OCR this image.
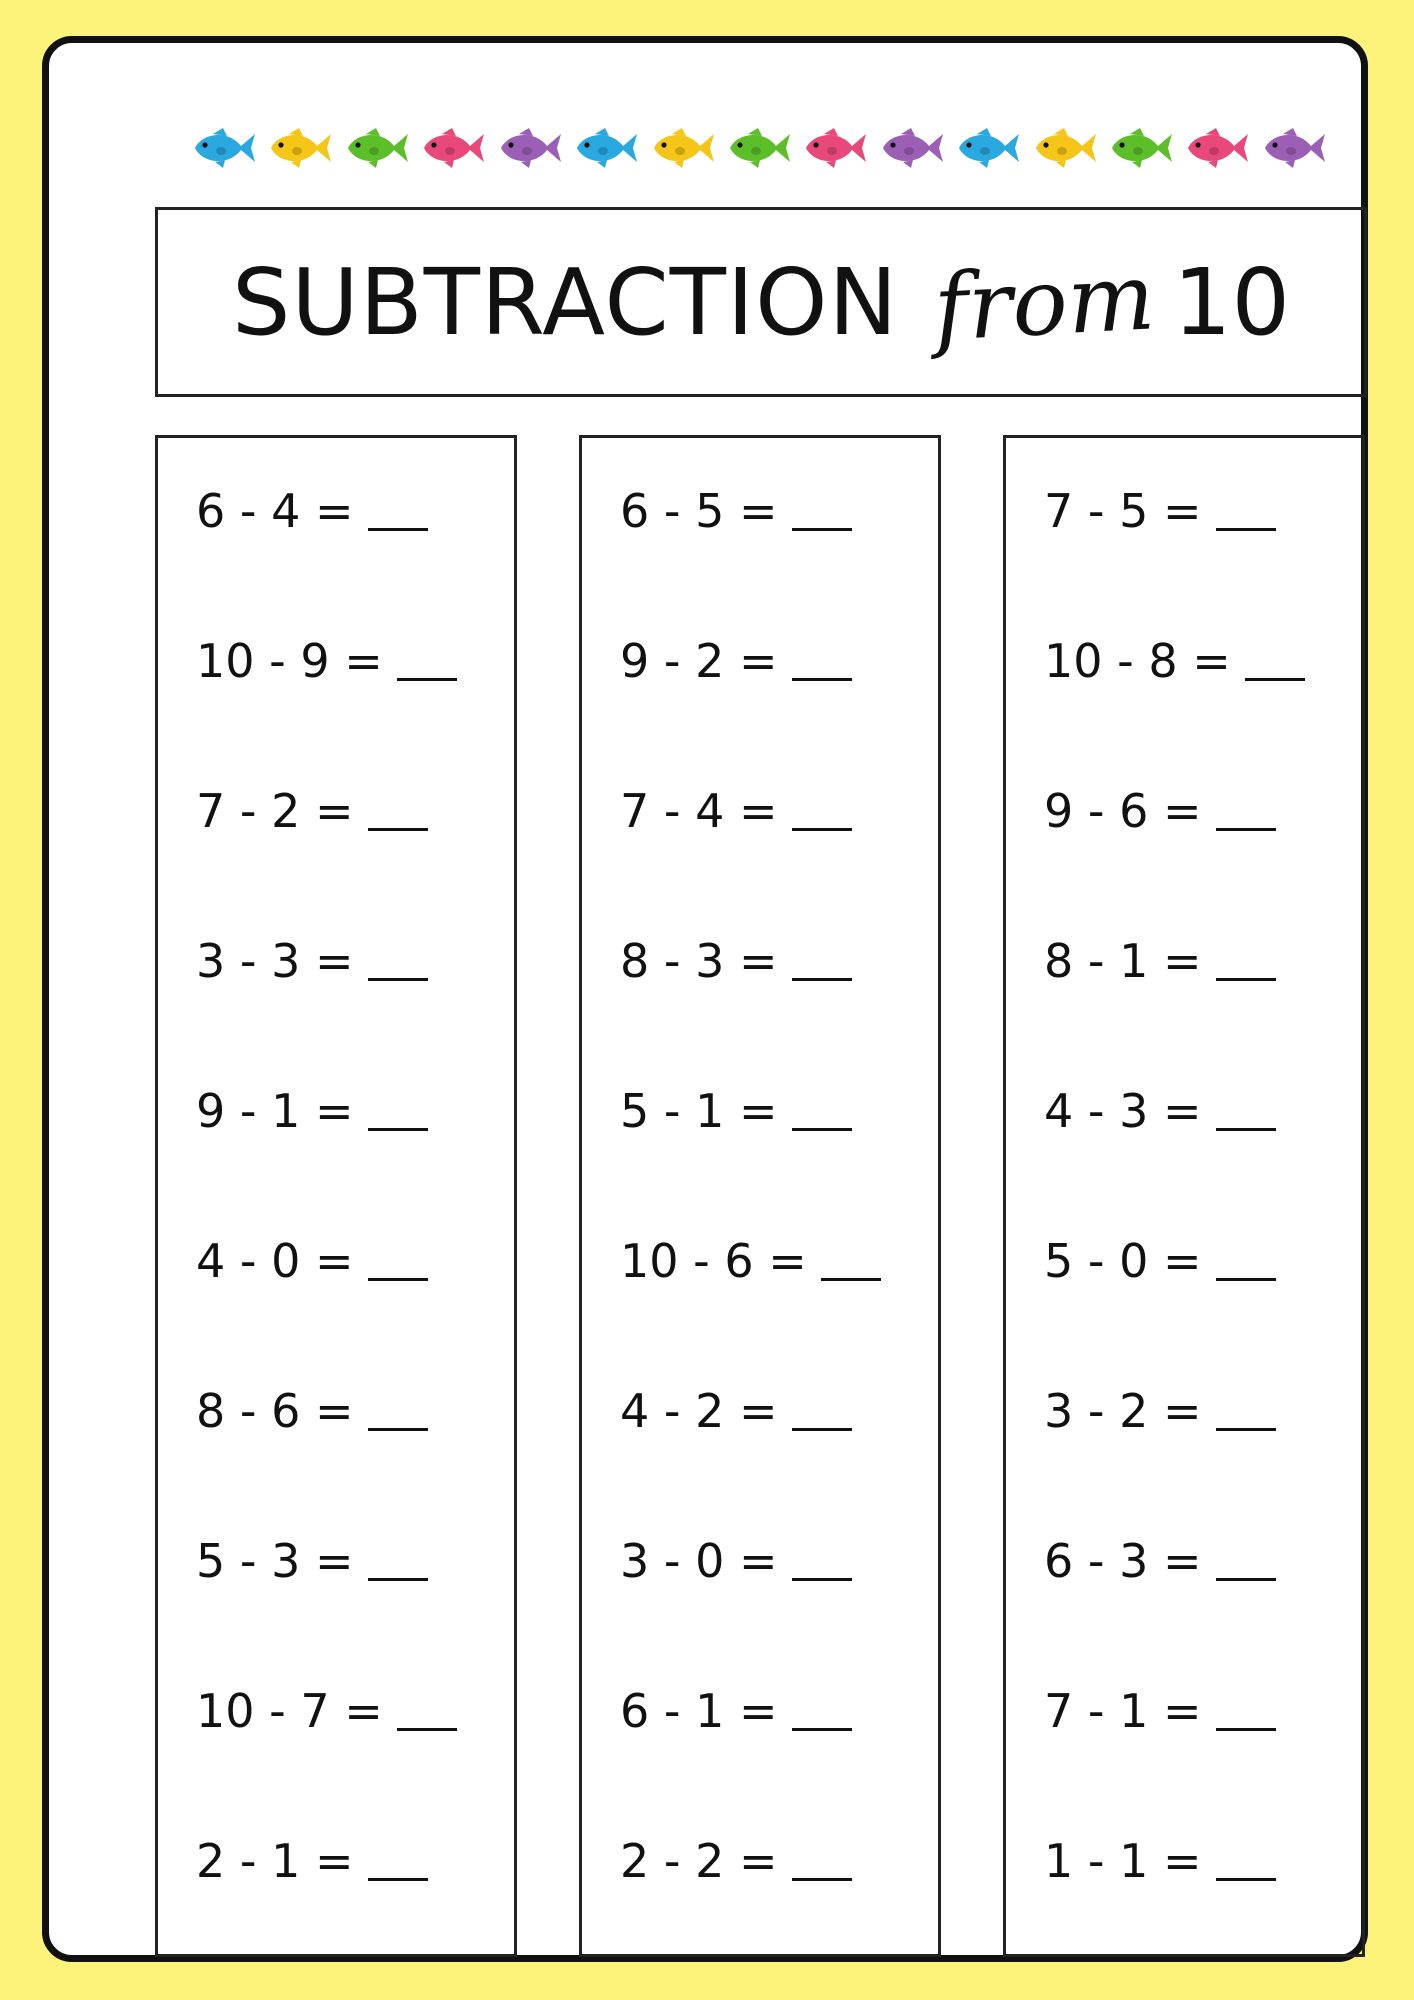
SUBTRACTION from 10
6 - 4 =
10 - 9 =
7 - 2 =
3 - 3 =
9 - 1 =
4 - 0 =
8 - 6 =
5 - 3 =
10 - 7 =
2 - 1 =
6 - 5 =
9 - 2 =
7 - 4 =
8 - 3 =
5 - 1 =
10 - 6 =
4 - 2 =
3 - 0 =
6 - 1 =
2 - 2 =
7 - 5 =
10 - 8 =
9 - 6 =
8 - 1 =
4 - 3 =
5 - 0 =
3 - 2 =
6 - 3 =
7 - 1 =
1 - 1 =
